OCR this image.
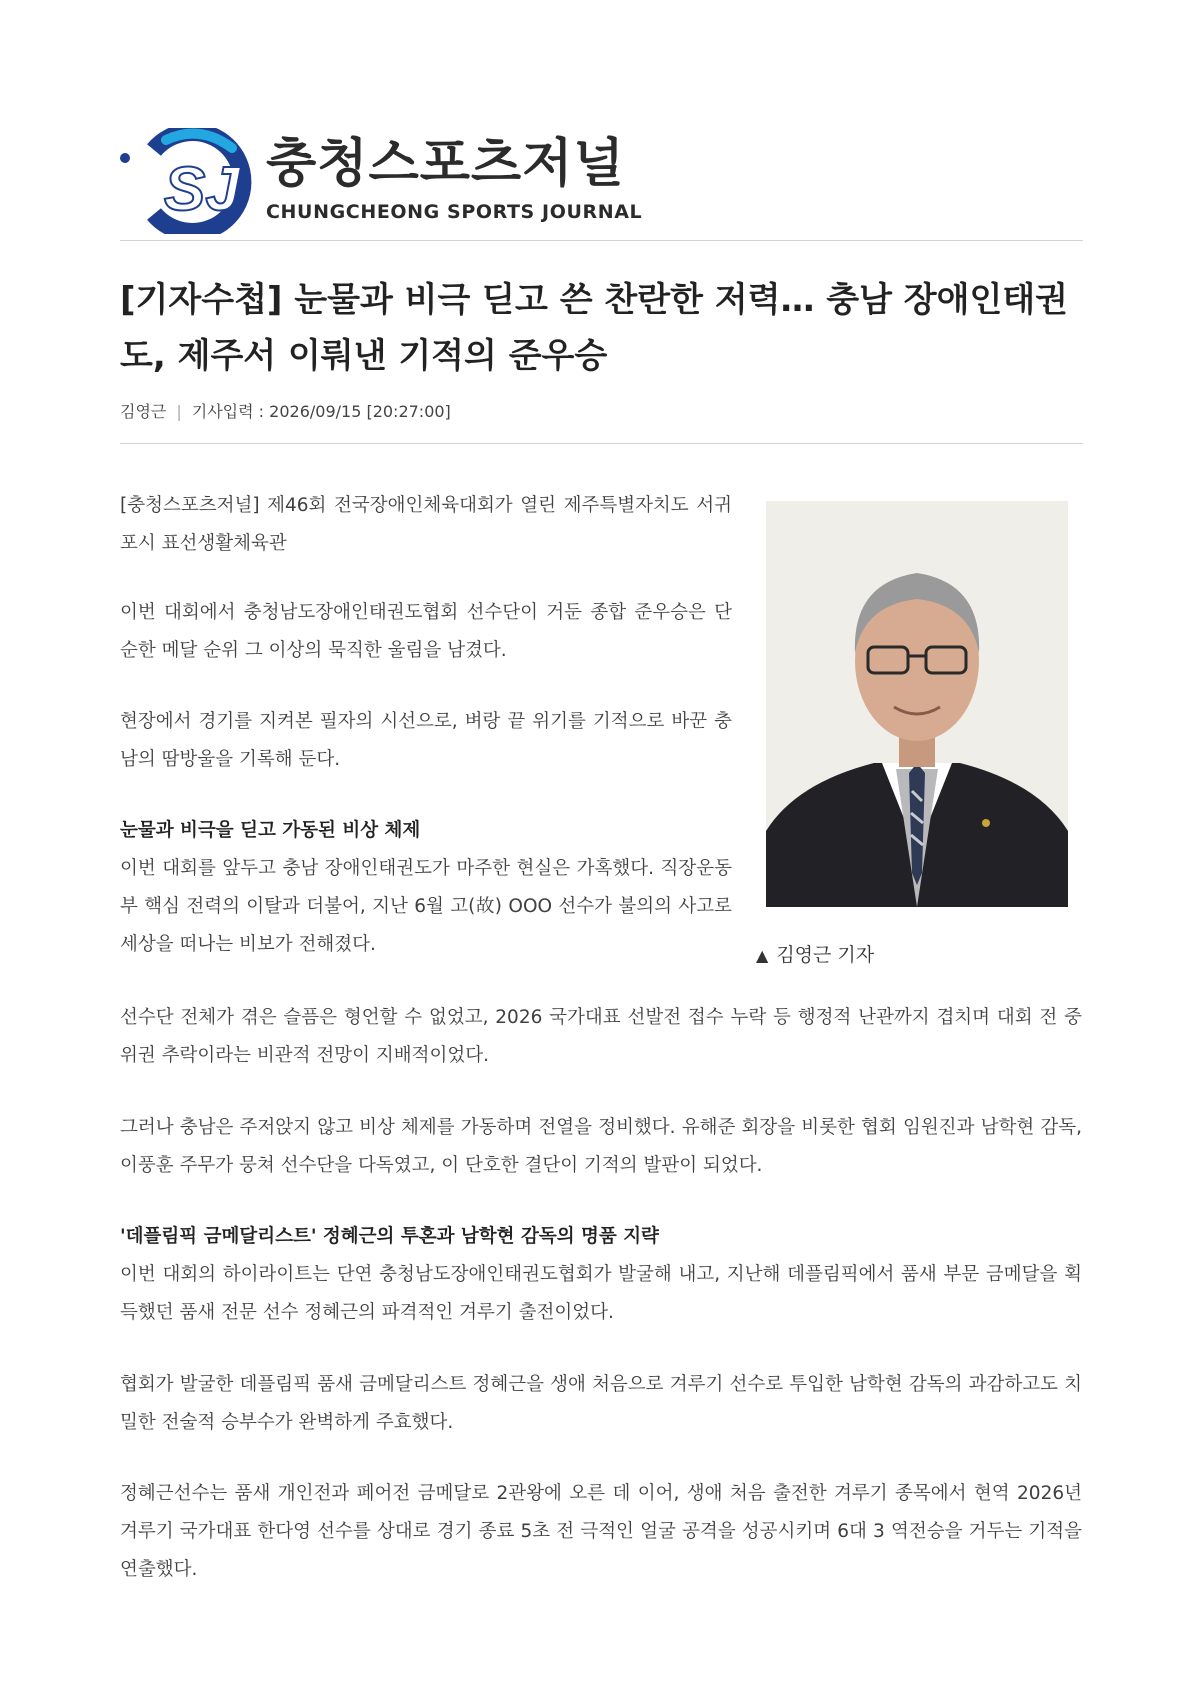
SJ 충청스포츠저널
CHUNGCHEONG SPORTS JOURNAL
[기자수첩] 눈물과 비극 딛고 쓴 찬란한 저력… 충남 장애인태권도, 제주서 이뤄낸 기적의 준우승
김영근 | 기사입력 : 2026/09/15 [20:27:00]

[충청스포츠저널] 제46회 전국장애인체육대회가 열린 제주특별자치도 서귀포시 표선생활체육관

이번 대회에서 충청남도장애인태권도협회 선수단이 거둔 종합 준우승은 단순한 메달 순위 그 이상의 묵직한 울림을 남겼다.

현장에서 경기를 지켜본 필자의 시선으로, 벼랑 끝 위기를 기적으로 바꾼 충남의 땀방울을 기록해 둔다.

눈물과 비극을 딛고 가동된 비상 체제

이번 대회를 앞두고 충남 장애인태권도가 마주한 현실은 가혹했다. 직장운동부 핵심 전력의 이탈과 더불어, 지난 6월 고(故) OOO 선수가 불의의 사고로 세상을 떠나는 비보가 전해졌다.

▲ 김영근 기자

선수단 전체가 겪은 슬픔은 형언할 수 없었고, 2026 국가대표 선발전 접수 누락 등 행정적 난관까지 겹치며 대회 전 중위권 추락이라는 비관적 전망이 지배적이었다.

그러나 충남은 주저앉지 않고 비상 체제를 가동하며 전열을 정비했다. 유해준 회장을 비롯한 협회 임원진과 남학현 감독, 이풍훈 주무가 뭉쳐 선수단을 다독였고, 이 단호한 결단이 기적의 발판이 되었다.

'데플림픽 금메달리스트' 정혜근의 투혼과 남학현 감독의 명품 지략

이번 대회의 하이라이트는 단연 충청남도장애인태권도협회가 발굴해 내고, 지난해 데플림픽에서 품새 부문 금메달을 획득했던 품새 전문 선수 정혜근의 파격적인 겨루기 출전이었다.

협회가 발굴한 데플림픽 품새 금메달리스트 정혜근을 생애 처음으로 겨루기 선수로 투입한 남학현 감독의 과감하고도 치밀한 전술적 승부수가 완벽하게 주효했다.

정혜근선수는 품새 개인전과 페어전 금메달로 2관왕에 오른 데 이어, 생애 처음 출전한 겨루기 종목에서 현역 2026년 겨루기 국가대표 한다영 선수를 상대로 경기 종료 5초 전 극적인 얼굴 공격을 성공시키며 6대 3 역전승을 거두는 기적을 연출했다.
